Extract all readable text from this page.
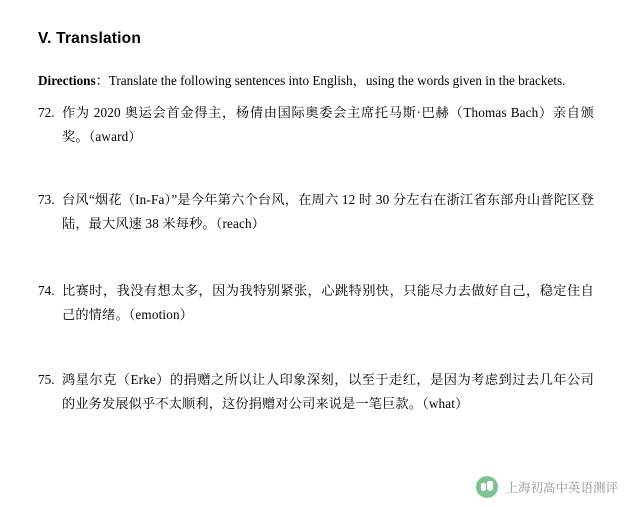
V. Translation

Directions：Translate the following sentences into English，using the words given in the brackets.

72. 作为 2020 奥运会首金得主，杨倩由国际奥委会主席托马斯·巴赫（Thomas Bach）亲自颁奖。（award）
73. 台风“烟花（In-Fa）”是今年第六个台风，在周六 12 时 30 分左右在浙江省东部舟山普陀区登陆，最大风速 38 米每秒。（reach）
74. 比赛时，我没有想太多，因为我特别紧张，心跳特别快，只能尽力去做好自己，稳定住自己的情绪。（emotion）
75. 鸿星尔克（Erke）的捐赠之所以让人印象深刻，以至于走红，是因为考虑到过去几年公司的业务发展似乎不太顺利，这份捐赠对公司来说是一笔巨款。（what）
上海初高中英语测评
